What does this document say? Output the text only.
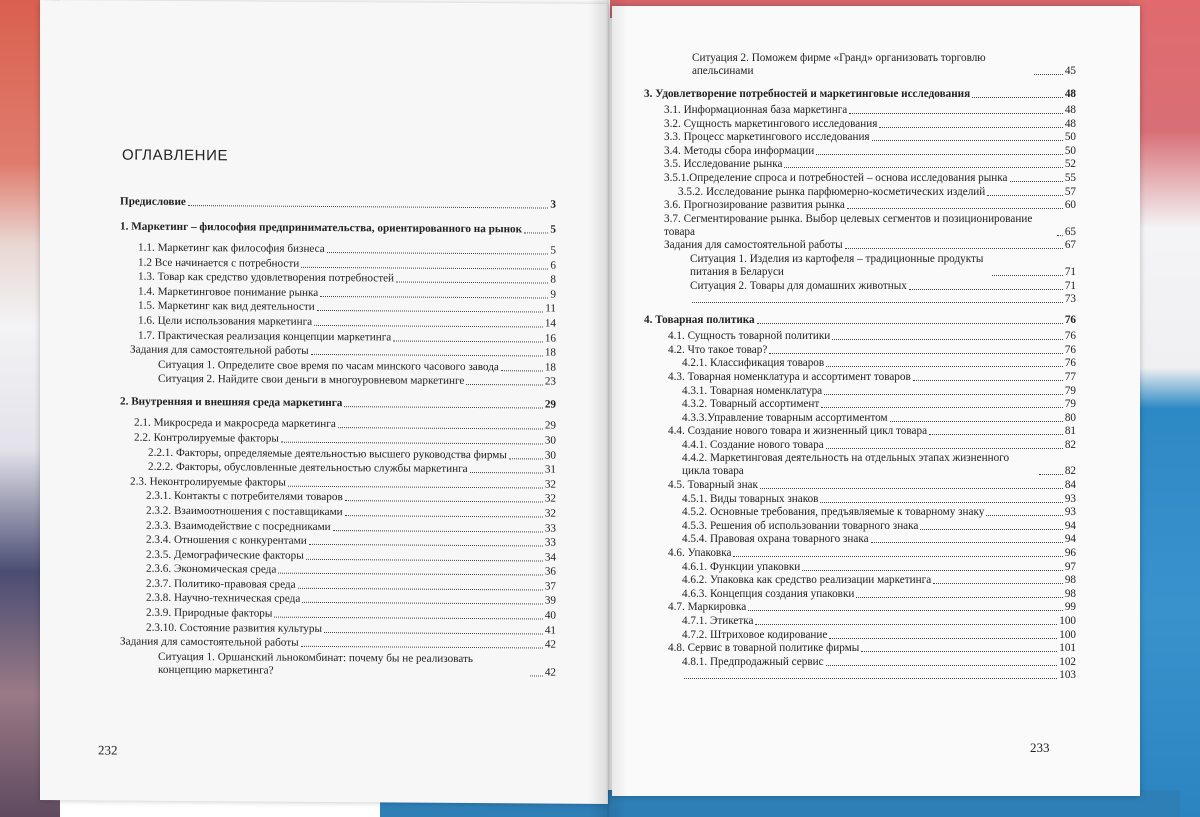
ОГЛАВЛЕНИЕ
Предисловие	3
1. Маркетинг – философия предпринимательства, ориентированного на рынок	5
1.1. Маркетинг как философия бизнеса	5
1.2 Все начинается с потребности	6
1.3. Товар как средство удовлетворения потребностей	8
1.4. Маркетинговое понимание рынка	9
1.5. Маркетинг как вид деятельности	11
1.6. Цели использования маркетинга	14
1.7. Практическая реализация концепции маркетинга	16
Задания для самостоятельной работы	18
Ситуация 1. Определите свое время по часам минского часового завода	18
Ситуация 2. Найдите свои деньги в многоуровневом маркетинге	23
2. Внутренняя и внешняя среда маркетинга	29
2.1. Микросреда и макросреда маркетинга	29
2.2. Контролируемые факторы	30
2.2.1. Факторы, определяемые деятельностью высшего руководства фирмы	30
2.2.2. Факторы, обусловленные деятельностью службы маркетинга	31
2.3. Неконтролируемые факторы	32
2.3.1. Контакты с потребителями товаров	32
2.3.2. Взаимоотношения с поставщиками	32
2.3.3. Взаимодействие с посредниками	33
2.3.4. Отношения с конкурентами	33
2.3.5. Демографические факторы	34
2.3.6. Экономическая среда	36
2.3.7. Политико-правовая среда	37
2.3.8. Научно-техническая среда	39
2.3.9. Природные факторы	40
2.3.10. Состояние развития культуры	41
Задания для самостоятельной работы	42
Ситуация 1. Оршанский льнокомбинат: почему бы не реализовать концепцию маркетинга?	42
232
Ситуация 2. Поможем фирме «Гранд» организовать торговлю апельсинами	45
3. Удовлетворение потребностей и маркетинговые исследования	48
3.1. Информационная база маркетинга	48
3.2. Сущность маркетингового исследования	48
3.3. Процесс маркетингового исследования	50
3.4. Методы сбора информации	50
3.5. Исследование рынка	52
3.5.1.Определение спроса и потребностей – основа исследования рынка	55
3.5.2. Исследование рынка парфюмерно-косметических изделий	57
3.6. Прогнозирование развития рынка	60
3.7. Сегментирование рынка. Выбор целевых сегментов и позиционирование товара	65
Задания для самостоятельной работы	67
Ситуация 1. Изделия из картофеля – традиционные продукты питания в Беларуси	71
Ситуация 2. Товары для домашних животных	71
73
4. Товарная политика	76
4.1. Сущность товарной политики	76
4.2. Что такое товар?	76
4.2.1. Классификация товаров	76
4.3. Товарная номенклатура и ассортимент товаров	77
4.3.1. Товарная номенклатура	79
4.3.2. Товарный ассортимент	79
4.3.3.Управление товарным ассортиментом	80
4.4. Создание нового товара и жизненный цикл товара	81
4.4.1. Создание нового товара	82
4.4.2. Маркетинговая деятельность на отдельных этапах жизненного цикла товара	82
4.5. Товарный знак	84
4.5.1. Виды товарных знаков	93
4.5.2. Основные требования, предъявляемые к товарному знаку	93
4.5.3. Решения об использовании товарного знака	94
4.5.4. Правовая охрана товарного знака	94
4.6. Упаковка	96
4.6.1. Функции упаковки	97
4.6.2. Упаковка как средство реализации маркетинга	98
4.6.3. Концепция создания упаковки	98
4.7. Маркировка	99
4.7.1. Этикетка	100
4.7.2. Штриховое кодирование	100
4.8. Сервис в товарной политике фирмы	101
4.8.1. Предпродажный сервис	102
103
233
